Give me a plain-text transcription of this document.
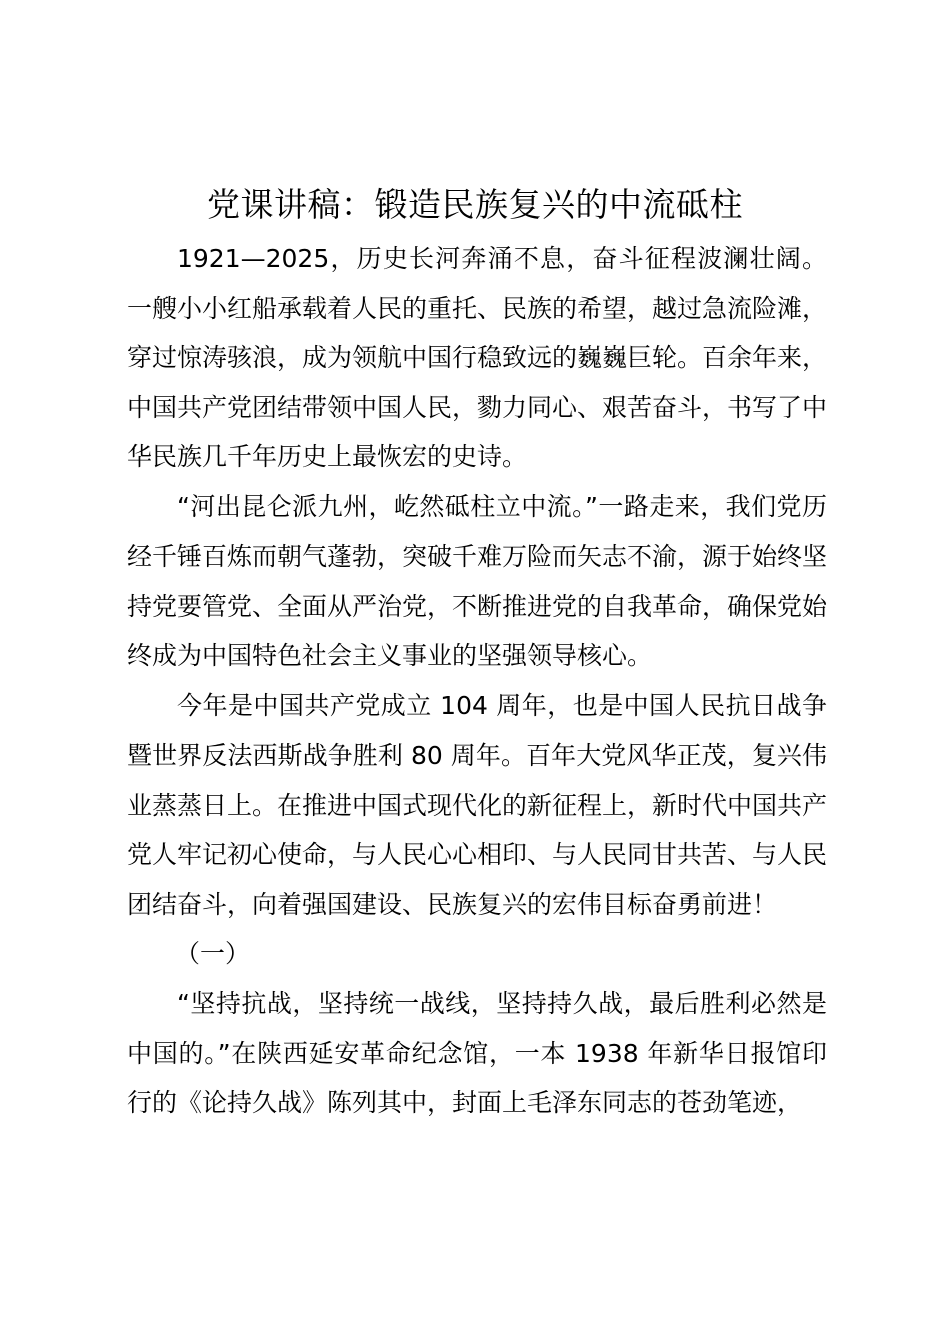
党课讲稿：锻造民族复兴的中流砥柱

1921—2025，历史长河奔涌不息，奋斗征程波澜壮阔。一艘小小红船承载着人民的重托、民族的希望，越过急流险滩，穿过惊涛骇浪，成为领航中国行稳致远的巍巍巨轮。百余年来，中国共产党团结带领中国人民，勠力同心、艰苦奋斗，书写了中华民族几千年历史上最恢宏的史诗。

“河出昆仑派九州，屹然砥柱立中流。”一路走来，我们党历经千锤百炼而朝气蓬勃，突破千难万险而矢志不渝，源于始终坚持党要管党、全面从严治党，不断推进党的自我革命，确保党始终成为中国特色社会主义事业的坚强领导核心。

今年是中国共产党成立 104 周年，也是中国人民抗日战争暨世界反法西斯战争胜利 80 周年。百年大党风华正茂，复兴伟业蒸蒸日上。在推进中国式现代化的新征程上，新时代中国共产党人牢记初心使命，与人民心心相印、与人民同甘共苦、与人民团结奋斗，向着强国建设、民族复兴的宏伟目标奋勇前进！

（一）

“坚持抗战，坚持统一战线，坚持持久战，最后胜利必然是中国的。”在陕西延安革命纪念馆，一本 1938 年新华日报馆印行的《论持久战》陈列其中，封面上毛泽东同志的苍劲笔迹，
